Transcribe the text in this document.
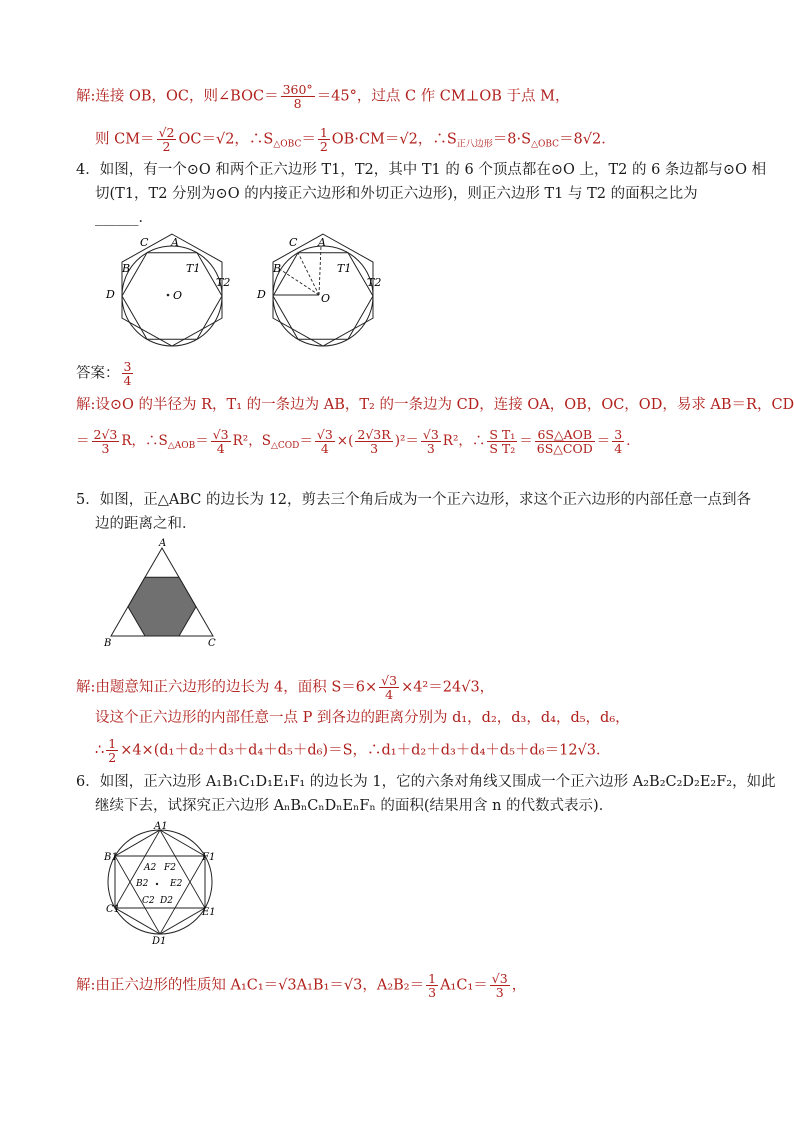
解:连接 OB，OC，则∠BOC＝ $\frac{360^\circ}{8} =45^\circ$，过点 C 作 CM⊥OB 于点 M，
则 $CM= \frac{√2}{2} OC=√2$，$\therefore S_{\triangle OBC}= \frac{1}{2} OB\cdot CM=√2$，$\therefore S_{正八边形}=8\cdot S_{\triangle OBC}=8√2$．
4．如图，有一个⊙O 和两个正六边形 T1，T2，其中 T1 的 6 个顶点都在⊙O 上，T2 的 6 条边都与⊙O 相
切(T1，T2 分别为⊙O 的内接正六边形和外切正六边形)，则正六边形 T1 与 T2 的面积之比为
______．
C A
B	T1
D	O
T2
C A
B	T1
D	O
T2
答案： $\frac{3}{4}$
解:设⊙O 的半径为 R，T₁ 的一条边为 AB，T₂ 的一条边为 CD，连接 OA，OB，OC，OD，易求 AB＝R，CD
＝ $\frac{2√3}{3}$ R，$\therefore S_{\triangle AOB}= \frac{√3}{4} R^2$，$S_{\triangle COD}= \frac{√3}{4}$ ×( $\frac{2√3R}{3} )^2= \frac{√3}{3} R^2$，∴ $\frac{\text{S T₁}}{\text{S T₂}} = \frac{\text{6S△AOB}}{\text{6S△COD}} = \frac{3}{4}$ ．
5．如图，正△ABC 的边长为 12，剪去三个角后成为一个正六边形，求这个正六边形的内部任意一点到各
边的距离之和．
A
B	C
解:由题意知正六边形的边长为 4，面积 $S=6\times \frac{√3}{4} \times 4^2=24√3$，
设这个正六边形的内部任意一点 P 到各边的距离分别为 d₁，d₂，d₃，d₄，d₅，d₆，
∴ $\frac{1}{2} \times 4\times(d_1+d_2+d_3+d_4+d_5+d_6)=S$，∴d₁＋d₂＋d₃＋d₄＋d₅＋d₆＝12√3．
6．如图，正六边形 A₁B₁C₁D₁E₁F₁ 的边长为 1，它的六条对角线又围成一个正六边形 A₂B₂C₂D₂E₂F₂，如此
继续下去，试探究正六边形 AₙBₙCₙDₙEₙFₙ 的面积(结果用含 n 的代数式表示)．
A1
B1	F1
A2 F2
B2 E2
C2 D2
C1	E1
D1
解:由正六边形的性质知 A₁C₁＝√3A₁B₁＝√3，$A_2B_2= \frac{1}{3} A_1C_1= \frac{√3}{3}$ ，
